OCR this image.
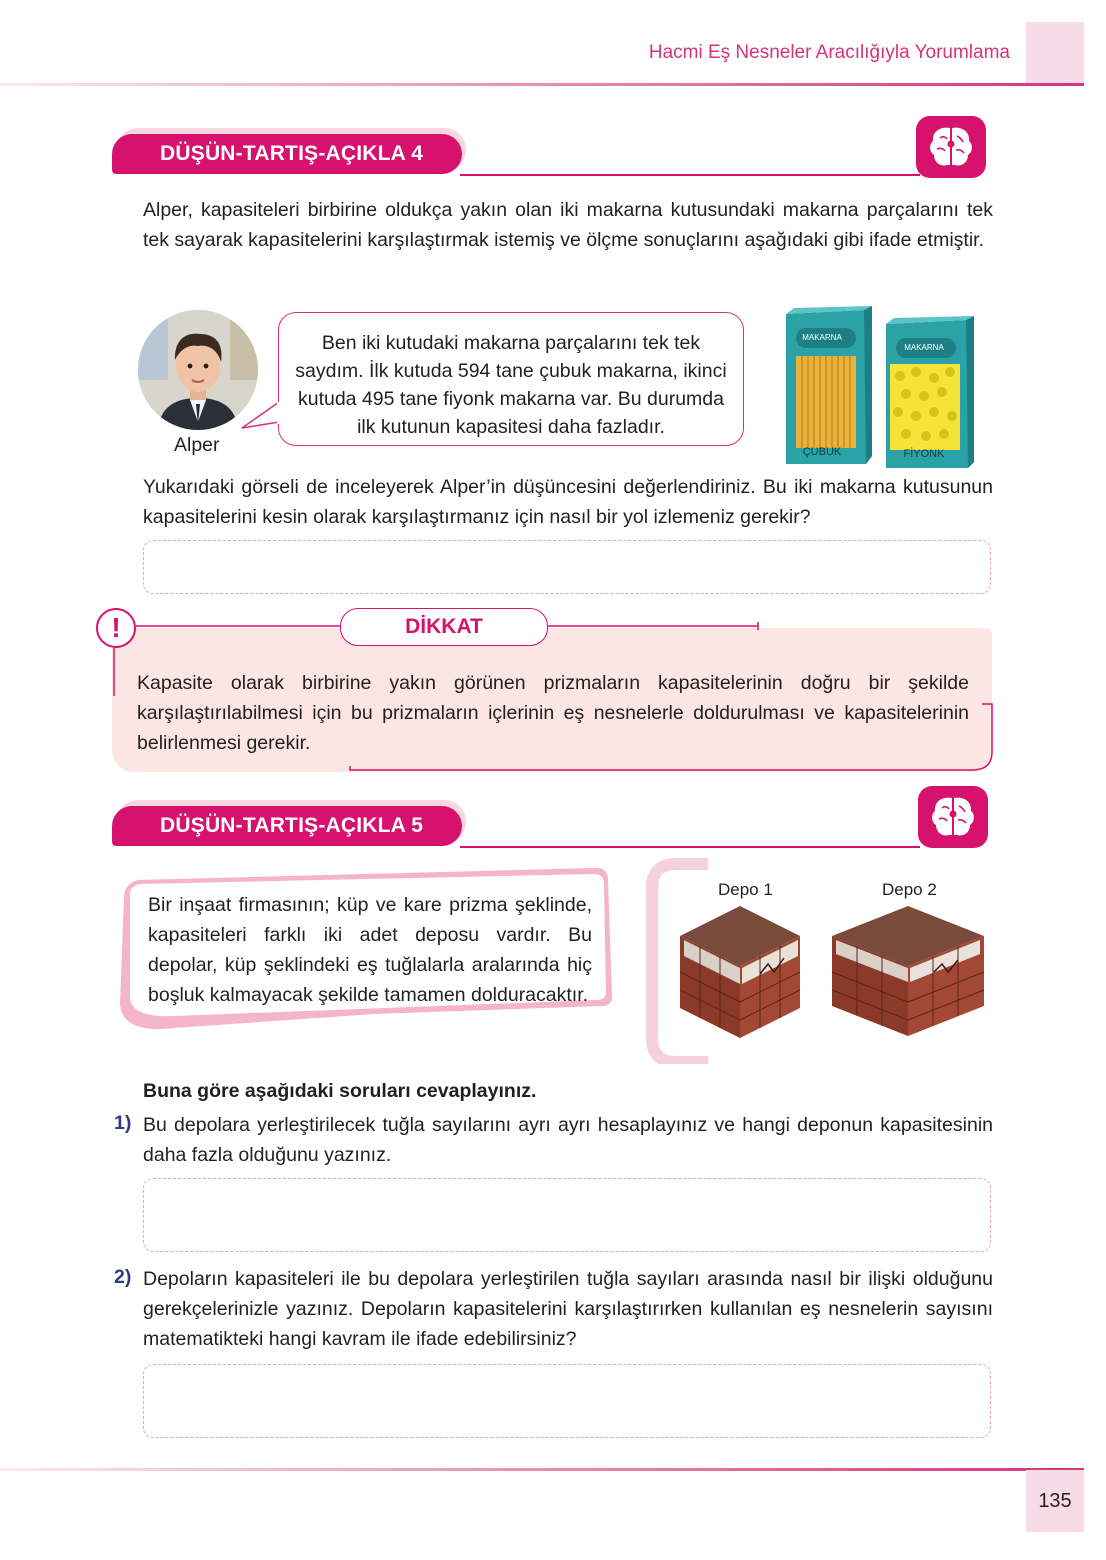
Hacmi Eş Nesneler Aracılığıyla Yorumlama
DÜŞÜN-TARTIŞ-AÇIKLA 4
Alper, kapasiteleri birbirine oldukça yakın olan iki makarna kutusundaki makarna parçalarını tek tek sayarak kapasitelerini karşılaştırmak istemiş ve ölçme sonuçlarını aşağıdaki gibi ifade etmiştir.
Alper
Ben iki kutudaki makarna parçalarını tek tek
saydım. İlk kutuda 594 tane çubuk makarna, ikinci
kutuda 495 tane fiyonk makarna var. Bu durumda
ilk kutunun kapasitesi daha fazladır.
MAKARNA
MAKARNA
ÇUBUK	FİYONK
Yukarıdaki görseli de inceleyerek Alper’in düşüncesini değerlendiriniz. Bu iki makarna kutusunun kapasitelerini kesin olarak karşılaştırmanız için nasıl bir yol izlemeniz gerekir?
!	DİKKAT
Kapasite olarak birbirine yakın görünen prizmaların kapasitelerinin doğru bir şekilde karşılaştırılabilmesi için bu prizmaların içlerinin eş nesnelerle doldurulması ve kapasitelerinin belirlenmesi gerekir.
DÜŞÜN-TARTIŞ-AÇIKLA 5
Bir inşaat firmasının; küp ve kare prizma şeklinde, kapasiteleri farklı iki adet deposu vardır. Bu depolar, küp şeklindeki eş tuğlalarla aralarında hiç boşluk kalmayacak şekilde tamamen dolduracaktır.
Depo 1	Depo 2
Buna göre aşağıdaki soruları cevaplayınız.
1) Bu depolara yerleştirilecek tuğla sayılarını ayrı ayrı hesaplayınız ve hangi deponun kapasitesinin daha fazla olduğunu yazınız.
2) Depoların kapasiteleri ile bu depolara yerleştirilen tuğla sayıları arasında nasıl bir ilişki olduğunu gerekçelerinizle yazınız. Depoların kapasitelerini karşılaştırırken kullanılan eş nesnelerin sayısını matematikteki hangi kavram ile ifade edebilirsiniz?
135
